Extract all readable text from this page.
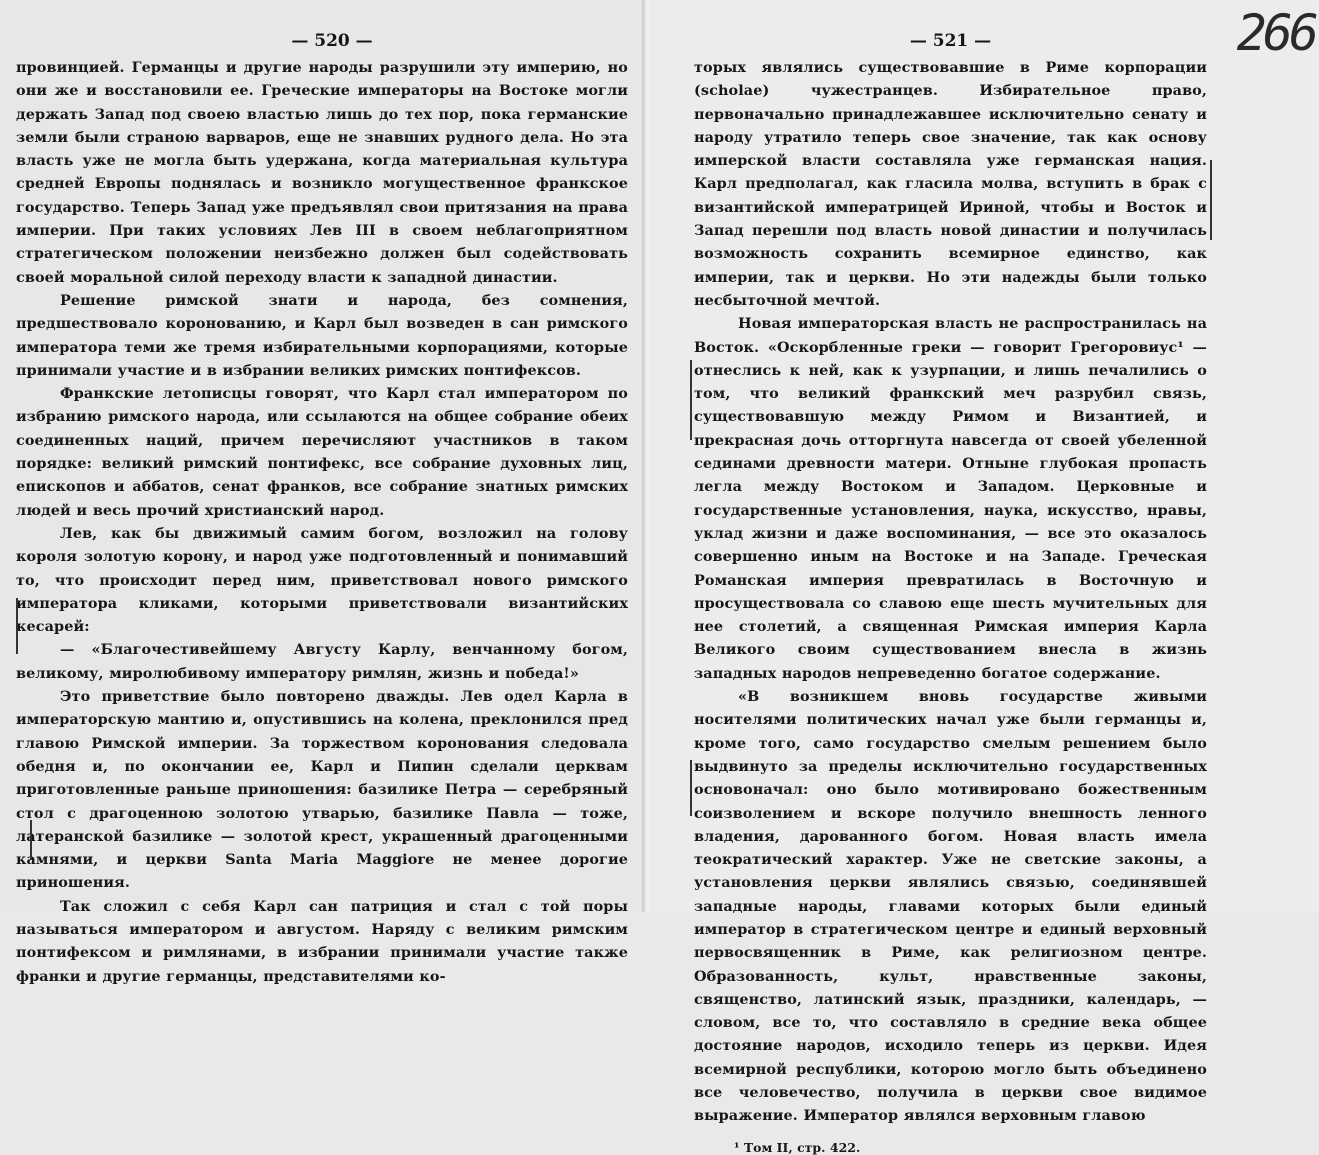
— 520 —

провинцией. Германцы и другие народы разрушили эту империю, но они же и восстановили ее. Греческие императоры на Востоке могли держать Запад под своею властью лишь до тех пор, пока германские земли были страною варваров, еще не знавших рудного дела. Но эта власть уже не могла быть удержана, когда материальная культура средней Европы поднялась и возникло могущественное франкское государство. Теперь Запад уже предъявлял свои притязания на права империи. При таких условиях Лев III в своем неблагоприятном стратегическом положении неизбежно должен был содействовать своей моральной силой переходу власти к западной династии.

Решение римской знати и народа, без сомнения, предшествовало коронованию, и Карл был возведен в сан римского императора теми же тремя избирательными корпорациями, которые принимали участие и в избрании великих римских понтифексов.

Франкские летописцы говорят, что Карл стал императором по избранию римского народа, или ссылаются на общее собрание обеих соединенных наций, причем перечисляют участников в таком порядке: великий римский понтифекс, все собрание духовных лиц, епископов и аббатов, сенат франков, все собрание знатных римских людей и весь прочий христианский народ.

Лев, как бы движимый самим богом, возложил на голову короля золотую корону, и народ уже подготовленный и понимавший то, что происходит перед ним, приветствовал нового римского императора кликами, которыми приветствовали византийских кесарей:

— «Благочестивейшему Августу Карлу, венчанному богом, великому, миролюбивому императору римлян, жизнь и победа!»

Это приветствие было повторено дважды. Лев одел Карла в императорскую мантию и, опустившись на колена, преклонился пред главою Римской империи. За торжеством коронования следовала обедня и, по окончании ее, Карл и Пипин сделали церквам приготовленные раньше приношения: базилике Петра — серебряный стол с драгоценною золотою утварью, базилике Павла — тоже, латеранской базилике — золотой крест, украшенный драгоценными камнями, и церкви Santa Maria Maggiore не менее дорогие приношения.

Так сложил с себя Карл сан патриция и стал с той поры называться императором и августом. Наряду с великим римским понтифексом и римлянами, в избрании принимали участие также франки и другие германцы, представителями ко-

— 521 —	266

торых являлись существовавшие в Риме корпорации (scholae) чужестранцев. Избирательное право, первоначально принадлежавшее исключительно сенату и народу утратило теперь свое значение, так как основу имперской власти составляла уже германская нация. Карл предполагал, как гласила молва, вступить в брак с византийской императрицей Ириной, чтобы и Восток и Запад перешли под власть новой династии и получилась возможность сохранить всемирное единство, как империи, так и церкви. Но эти надежды были только несбыточной мечтой.

Новая императорская власть не распространилась на Восток. «Оскорбленные греки — говорит Грегоровиус¹ — отнеслись к ней, как к узурпации, и лишь печалились о том, что великий франкский меч разрубил связь, существовавшую между Римом и Византией, и прекрасная дочь отторгнута навсегда от своей убеленной сединами древности матери. Отныне глубокая пропасть легла между Востоком и Западом. Церковные и государственные установления, наука, искусство, нравы, уклад жизни и даже воспоминания, — все это оказалось совершенно иным на Востоке и на Западе. Греческая Романская империя превратилась в Восточную и просуществовала со славою еще шесть мучительных для нее столетий, а священная Римская империя Карла Великого своим существованием внесла в жизнь западных народов непреведенно богатое содержание.

«В возникшем вновь государстве живыми носителями политических начал уже были германцы и, кроме того, само государство смелым решением было выдвинуто за пределы исключительно государственных основоначал: оно было мотивировано божественным соизволением и вскоре получило внешность ленного владения, дарованного богом. Новая власть имела теократический характер. Уже не светские законы, а установления церкви являлись связью, соединявшей западные народы, главами которых были единый император в стратегическом центре и единый верховный первосвященник в Риме, как религиозном центре. Образованность, культ, нравственные законы, священство, латинский язык, праздники, календарь, — словом, все то, что составляло в средние века общее достояние народов, исходило теперь из церкви. Идея всемирной республики, которою могло быть объединено все человечество, получила в церкви свое видимое выражение. Император являлся верховным главою

¹ Том II, стр. 422.
